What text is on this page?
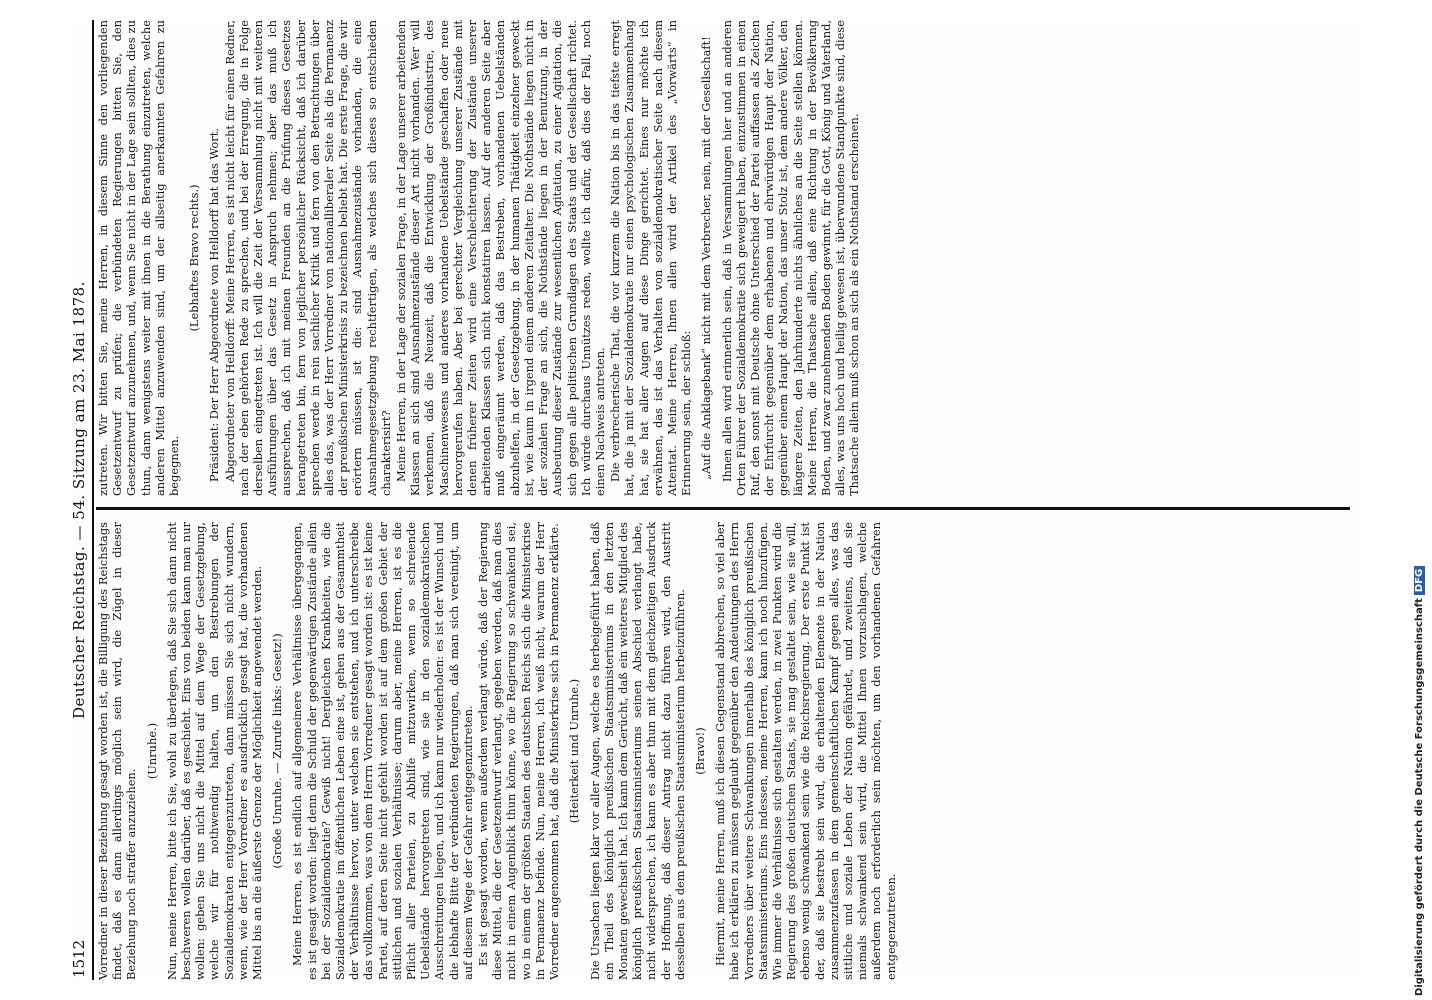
1512
Deutscher Reichstag. — 54. Sitzung am 23. Mai 1878.

Vorredner in dieser Beziehung gesagt worden ist, die Billigung des Reichstags findet, daß es dann allerdings möglich sein wird, die Zügel in dieser Beziehung noch straffer anzuziehen.

(Unruhe.) Nun, meine Herren, bitte ich Sie, wohl zu überlegen, daß Sie sich dann nicht beschweren wollen darüber, daß es geschieht. Eins von beiden kann man nur wollen: geben Sie uns nicht die Mittel auf dem Wege der Gesetzgebung, welche wir für nothwendig halten, um den Bestrebungen der Sozialdemokraten entgegenzutreten, dann müssen Sie sich nicht wundern, wenn, wie der Herr Vorredner es ausdrücklich gesagt hat, die vorhandenen Mittel bis an die äußerste Grenze der Möglichkeit angewendet werden. (Große Unruhe. — Zurufe links: Gesetz!) Meine Herren, es ist endlich auf allgemeinere Verhältnisse übergegangen, es ist gesagt worden: liegt denn die Schuld der gegenwärtigen Zustände allein bei der Sozialdemokratie? Gewiß nicht! Dergleichen Krankheiten, wie die Sozialdemokratie im öffentlichen Leben eine ist, gehen aus der Gesammtheit der Verhältnisse hervor, unter welchen sie entstehen, und ich unterschreibe das vollkommen, was von dem Herrn Vorredner gesagt worden ist: es ist keine Partei, auf deren Seite nicht gefehlt worden ist auf dem großen Gebiet der sittlichen und sozialen Verhältnisse; darum aber, meine Herren, ist es die Pflicht aller Parteien, zu Abhilfe mitzuwirken, wenn so schreiende Uebelstände hervorgetreten sind, wie sie in den sozialdemokratischen Ausschreitungen liegen, und ich kann nur wiederholen: es ist der Wunsch und die lebhafte Bitte der verbündeten Regierungen, daß man sich vereinigt, um auf diesem Wege der Gefahr entgegenzutreten. Es ist gesagt worden, wenn außerdem verlangt würde, daß der Regierung diese Mittel, die der Gesetzentwurf verlangt, gegeben werden, daß man dies nicht in einem Augenblick thun könne, wo die Regierung so schwankend sei, wo in einem der größten Staaten des deutschen Reichs sich die Ministerkrise in Permanenz befinde. Nun, meine Herren, ich weiß nicht, warum der Herr Vorredner angenommen hat, daß die Ministerkrise sich in Permanenz erklärte. (Heiterkeit und Unruhe.) Die Ursachen liegen klar vor aller Augen, welche es herbeigeführt haben, daß ein Theil des königlich preußischen Staatsministeriums in den letzten Monaten gewechselt hat. Ich kann dem Gerücht, daß ein weiteres Mitglied des königlich preußischen Staatsministeriums seinen Abschied verlangt habe, nicht widersprechen, ich kann es aber thun mit dem gleichzeitigen Ausdruck der Hoffnung, daß dieser Antrag nicht dazu führen wird, den Austritt desselben aus dem preußischen Staatsministerium herbeizuführen. (Bravo!) Hiermit, meine Herren, muß ich diesen Gegenstand abbrechen, so viel aber habe ich erklären zu müssen geglaubt gegenüber den Andeutungen des Herrn Vorredners über weitere Schwankungen innerhalb des königlich preußischen Staatsministeriums. Eins indessen, meine Herren, kann ich noch hinzufügen. Wie immer die Verhältnisse sich gestalten werden, in zwei Punkten wird die Regierung des großen deutschen Staats, sie mag gestaltet sein, wie sie will, ebenso wenig schwankend sein wie die Reichsregierung. Der erste Punkt ist der, daß sie bestrebt sein wird, die erhaltenden Elemente in der Nation zusammenzufassen in dem gemeinschaftlichen Kampf gegen alles, was das sittliche und soziale Leben der Nation gefährdet, und zweitens, daß sie niemals schwankend sein wird, die Mittel Ihnen vorzuschlagen, welche außerdem noch erforderlich sein möchten, um den vorhandenen Gefahren entgegenzutreten.

zutreten. Wir bitten Sie, meine Herren, in diesem Sinne den vorliegenden Gesetzentwurf zu prüfen; die verbündeten Regierungen bitten Sie, den Gesetzentwurf anzunehmen, und, wenn Sie nicht in der Lage sein sollten, dies zu thun, dann wenigstens weiter mit ihnen in die Berathung einzutreten, welche anderen Mittel anzuwenden sind, um der allseitig anerkannten Gefahren zu begegnen.

(Lebhaftes Bravo rechts.) Präsident: Der Herr Abgeordnete von Helldorff hat das Wort. Abgeordneter von Helldorff: Meine Herren, es ist nicht leicht für einen Redner, nach der eben gehörten Rede zu sprechen, und bei der Erregung, die in Folge derselben eingetreten ist. Ich will die Zeit der Versammlung nicht mit weiteren Ausführungen über das Gesetz in Anspruch nehmen; aber das muß ich aussprechen, daß ich mit meinen Freunden an die Prüfung dieses Gesetzes herangetreten bin, fern von jeglicher persönlicher Rücksicht, daß ich darüber sprechen werde in rein sachlicher Kritik und fern von den Betrachtungen über alles das, was der Herr Vorredner von nationalliberaler Seite als die Permanenz der preußischen Ministerkrisis zu bezeichnen beliebt hat. Die erste Frage, die wir erörtern müssen, ist die: sind Ausnahmezustände vorhanden, die eine Ausnahmegesetzgebung rechtfertigen, als welches sich dieses so entschieden charakterisirt? Meine Herren, in der Lage der sozialen Frage, in der Lage unserer arbeitenden Klassen an sich sind Ausnahmezustände dieser Art nicht vorhanden. Wer will verkennen, daß die Neuzeit, daß die Entwicklung der Großindustrie, des Maschinenwesens und anderes vorhandene Uebelstände geschaffen oder neue hervorgerufen haben. Aber bei gerechter Vergleichung unserer Zustände mit denen früherer Zeiten wird eine Verschlechterung der Zustände unserer arbeitenden Klassen sich nicht konstatiren lassen. Auf der anderen Seite aber muß eingeräumt werden, daß das Bestreben, vorhandenen Uebelständen abzuhelfen, in der Gesetzgebung, in der humanen Thätigkeit einzelner geweckt ist, wie kaum in irgend einem anderen Zeitalter. Die Nothstände liegen nicht in der sozialen Frage an sich, die Nothstände liegen in der Benutzung, in der Ausbeutung dieser Zustände zur wesentlichen Agitation, zu einer Agitation, die sich gegen alle politischen Grundlagen des Staats und der Gesellschaft richtet. Ich würde durchaus Unnützes reden, wollte ich dafür, daß dies der Fall, noch einen Nachweis antreten. Die verbrecherische That, die vor kurzem die Nation bis in das tiefste erregt hat, die ja mit der Sozialdemokratie nur einen psychologischen Zusammenhang hat, sie hat aller Augen auf diese Dinge gerichtet. Eines nur möchte ich erwähnen, das ist das Verhalten von sozialdemokratischer Seite nach diesem Attentat. Meine Herren, Ihnen allen wird der Artikel des „Vorwärts“ in Erinnerung sein, der schloß: „Auf die Anklagebank“ nicht mit dem Verbrecher, nein, mit der Gesellschaft! Ihnen allen wird erinnerlich sein, daß in Versammlungen hier und an anderen Orten Führer der Sozialdemokratie sich geweigert haben, einzustimmen in einen Ruf, den sonst mit Deutsche ohne Unterschied der Partei auffassen als Zeichen der Ehrfurcht gegenüber dem erhabenen und ehrwürdigen Haupt der Nation, gegenüber einem Haupt der Nation, das unser Stolz ist, dem andere Völker, den längere Zeiten, den Jahrhunderte nichts ähnliches an die Seite stellen können. Meine Herren, die Thatsache allein, daß eine Richtung in der Bevölkerung Boden, und zwar zunehmenden Boden gewinnt, für die Gott, König und Vaterland, alles, was uns hoch und heilig gewesen ist, überwundene Standpunkte sind, diese Thatsache allein muß schon an sich als ein Nothstand erscheinen.

Digitalisierung gefördert durch die Deutsche ForschungsgemeinschaftDFG
